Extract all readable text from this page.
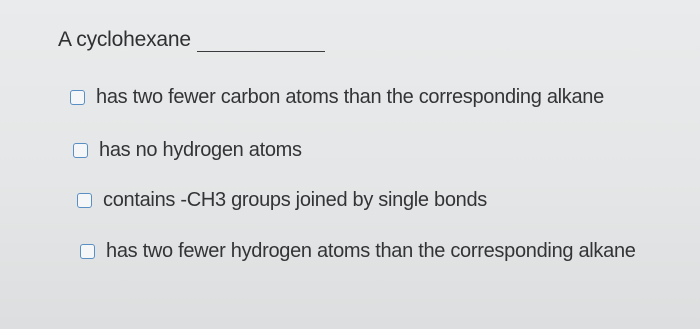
A cyclohexane
has two fewer carbon atoms than the corresponding alkane
has no hydrogen atoms
contains -CH3 groups joined by single bonds
has two fewer hydrogen atoms than the corresponding alkane
